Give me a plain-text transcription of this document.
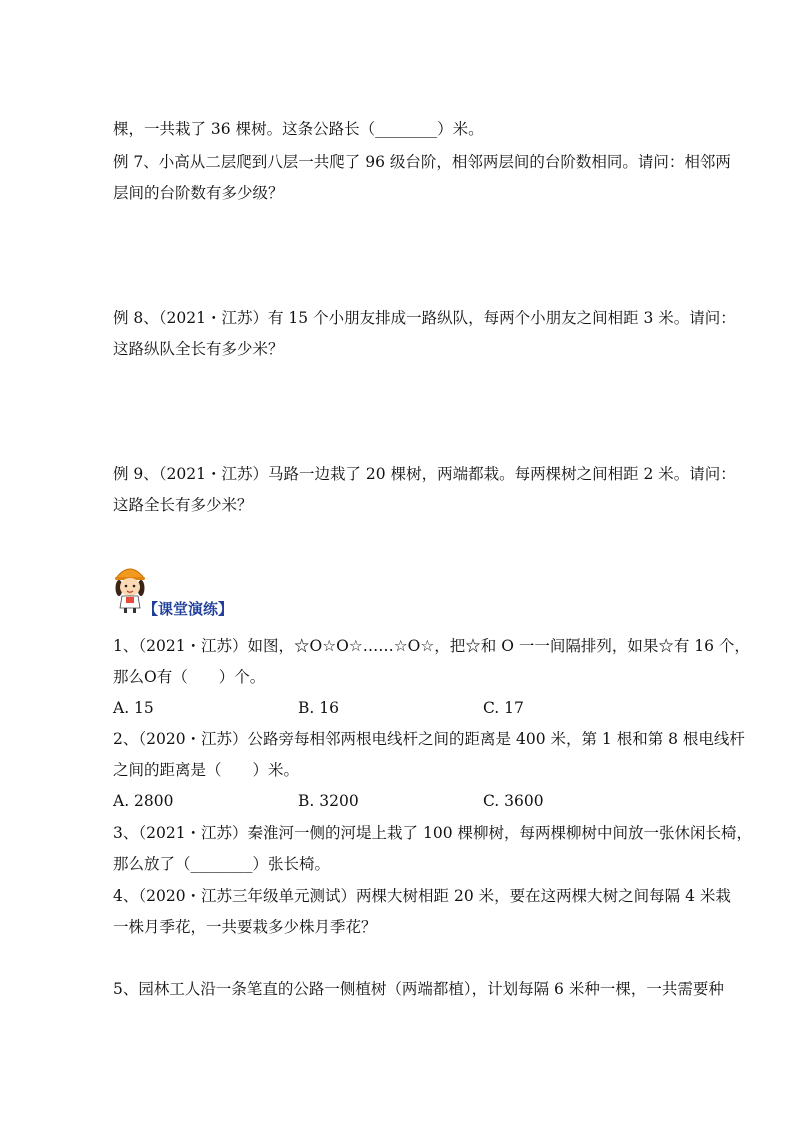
棵，一共栽了 36 棵树。这条公路长（________）米。
例 7、小高从二层爬到八层一共爬了 96 级台阶，相邻两层间的台阶数相同。请问：相邻两
层间的台阶数有多少级？
例 8、（2021・江苏）有 15 个小朋友排成一路纵队，每两个小朋友之间相距 3 米。请问：
这路纵队全长有多少米？
例 9、（2021・江苏）马路一边栽了 20 棵树，两端都栽。每两棵树之间相距 2 米。请问：
这路全长有多少米？
【课堂演练】
1、（2021・江苏）如图，☆O☆O☆……☆O☆，把☆和 O 一一间隔排列，如果☆有 16 个，
那么O有（　　）个。
A. 15	B. 16	C. 17
2、（2020・江苏）公路旁每相邻两根电线杆之间的距离是 400 米，第 1 根和第 8 根电线杆
之间的距离是（　　）米。
A. 2800	B. 3200	C. 3600
3、（2021・江苏）秦淮河一侧的河堤上栽了 100 棵柳树，每两棵柳树中间放一张休闲长椅，
那么放了（________）张长椅。
4、（2020・江苏三年级单元测试）两棵大树相距 20 米，要在这两棵大树之间每隔 4 米栽
一株月季花，一共要栽多少株月季花？
5、园林工人沿一条笔直的公路一侧植树（两端都植），计划每隔 6 米种一棵，一共需要种
